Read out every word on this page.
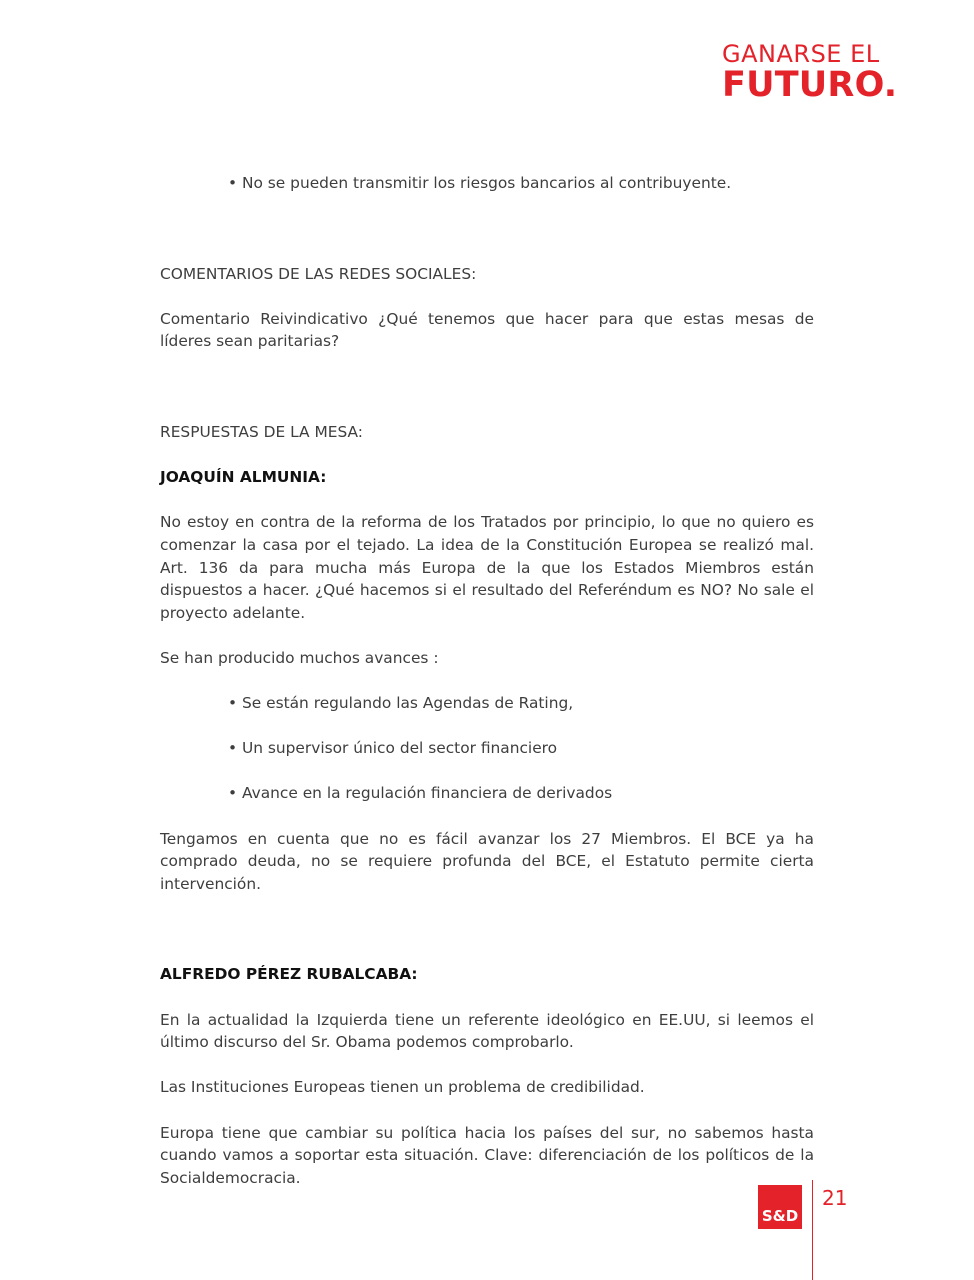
GANARSE EL
FUTURO.

• No se pueden transmitir los riesgos bancarios al contribuyente.

COMENTARIOS DE LAS REDES SOCIALES:

Comentario Reivindicativo ¿Qué tenemos que hacer para que estas mesas de líderes sean paritarias?

RESPUESTAS DE LA MESA:

JOAQUÍN ALMUNIA:

No estoy en contra de la reforma de los Tratados por principio, lo que no quiero es comenzar la casa por el tejado. La idea de la Constitución Europea se realizó mal. Art. 136 da para mucha más Europa de la que los Estados Miembros están dispuestos a hacer. ¿Qué hacemos si el resultado del Referéndum es NO? No sale el proyecto adelante.

Se han producido muchos avances :

• Se están regulando las Agendas de Rating,

• Un supervisor único del sector financiero

• Avance en la regulación financiera de derivados

Tengamos en cuenta que no es fácil avanzar los 27 Miembros. El BCE ya ha comprado deuda, no se requiere profunda del BCE, el Estatuto permite cierta intervención.

ALFREDO PÉREZ RUBALCABA:

En la actualidad la Izquierda tiene un referente ideológico en EE.UU, si leemos el último discurso del Sr. Obama podemos comprobarlo.

Las Instituciones Europeas tienen un problema de credibilidad.

Europa tiene que cambiar su política hacia los países del sur, no sabemos hasta cuando vamos a soportar esta situación. Clave: diferenciación de los políticos de la Socialdemocracia.

S&D
21
